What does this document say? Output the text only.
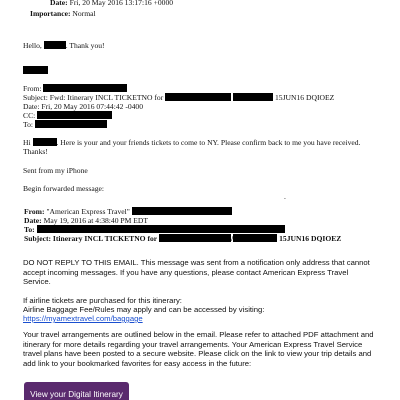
Date: Fri, 20 May 2016 13:17:16 +0000
Importance: Normal
Hello,	. Thank you!
From:
Subject: Fwd: Itinerary INCL TICKETNO for	15JUN16 DQIOEZ
Date: Fri, 20 May 2016 07:44:42 -0400
CC:
To:
Hi	. Here is your and your friends tickets to come to NY. Please confirm back to me you have received.
Thanks!
Sent from my iPhone
Begin forwarded message:
.
From: "American Express Travel"
Date: May 19, 2016 at 4:38:40 PM EDT
To:
Subject: Itinerary INCL TICKETNO for	/	15JUN16 DQIOEZ
DO NOT REPLY TO THIS EMAIL. This message was sent from a notification only address that cannot accept incoming messages. If you have any questions, please contact American Express Travel Service.
If airline tickets are purchased for this itinerary:
Airline Baggage Fee/Rules may apply and can be accessed by visiting:
https://myamextravel.com/baggage
Your travel arrangements are outlined below in the email. Please refer to attached PDF attachment and itinerary for more details regarding your travel arrangements. Your American Express Travel Service travel plans have been posted to a secure website. Please click on the link to view your trip details and add link to your bookmarked favorites for easy access in the future:
View your Digital Itinerary
